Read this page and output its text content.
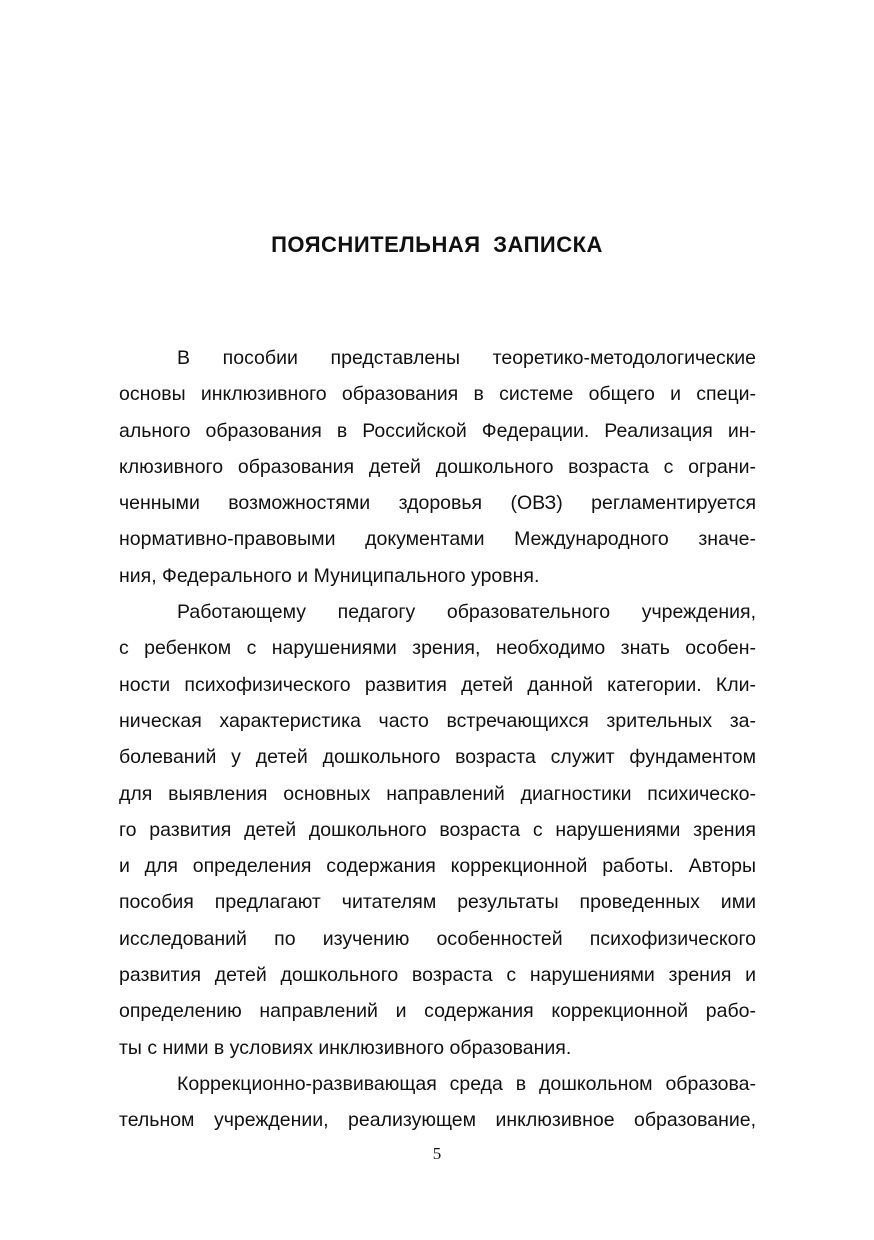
ПОЯСНИТЕЛЬНАЯ ЗАПИСКА
В пособии представлены теоретико-методологические
основы инклюзивного образования в системе общего и специ-
ального образования в Российской Федерации. Реализация ин-
клюзивного образования детей дошкольного возраста с ограни-
ченными возможностями здоровья (ОВЗ) регламентируется
нормативно-правовыми документами Международного значе-
ния, Федерального и Муниципального уровня.
Работающему педагогу образовательного учреждения,
с ребенком с нарушениями зрения, необходимо знать особен-
ности психофизического развития детей данной категории. Кли-
ническая характеристика часто встречающихся зрительных за-
болеваний у детей дошкольного возраста служит фундаментом
для выявления основных направлений диагностики психическо-
го развития детей дошкольного возраста с нарушениями зрения
и для определения содержания коррекционной работы. Авторы
пособия предлагают читателям результаты проведенных ими
исследований по изучению особенностей психофизического
развития детей дошкольного возраста с нарушениями зрения и
определению направлений и содержания коррекционной рабо-
ты с ними в условиях инклюзивного образования.
Коррекционно-развивающая среда в дошкольном образова-
тельном учреждении, реализующем инклюзивное образование,
5
